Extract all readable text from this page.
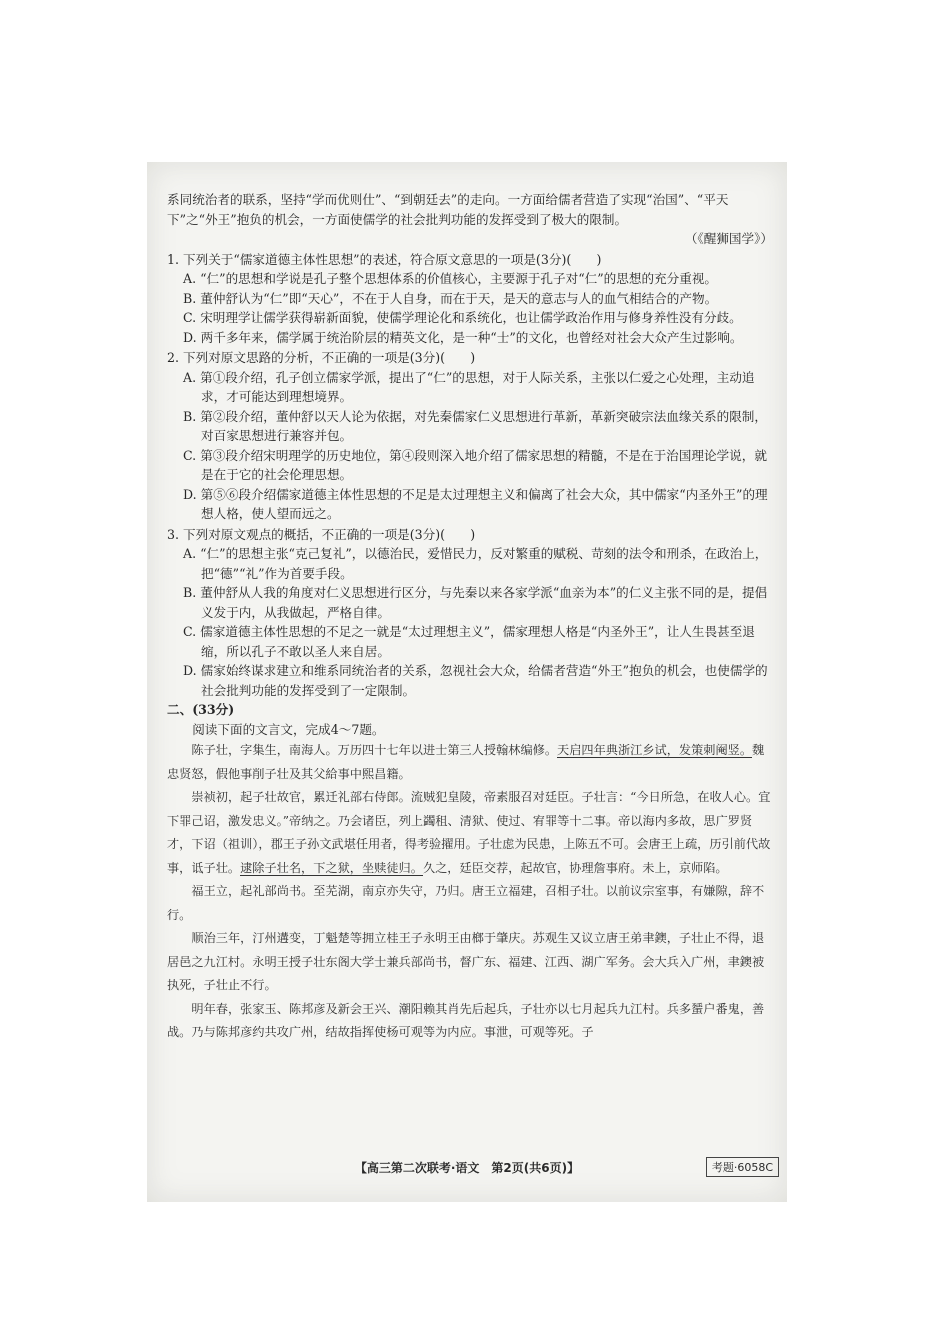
系同统治者的联系，坚持“学而优则仕”、“到朝廷去”的走向。一方面给儒者营造了实现“治国”、“平天下”之“外王”抱负的机会，一方面使儒学的社会批判功能的发挥受到了极大的限制。

（《醒狮国学》）

1. 下列关于“儒家道德主体性思想”的表述，符合原文意思的一项是(3分)(　　)

A. “仁”的思想和学说是孔子整个思想体系的价值核心，主要源于孔子对“仁”的思想的充分重视。

B. 董仲舒认为“仁”即“天心”，不在于人自身，而在于天，是天的意志与人的血气相结合的产物。

C. 宋明理学让儒学获得崭新面貌，使儒学理论化和系统化，也让儒学政治作用与修身养性没有分歧。

D. 两千多年来，儒学属于统治阶层的精英文化，是一种“士”的文化，也曾经对社会大众产生过影响。

2. 下列对原文思路的分析，不正确的一项是(3分)(　　)

A. 第①段介绍，孔子创立儒家学派，提出了“仁”的思想，对于人际关系，主张以仁爱之心处理，主动追求，才可能达到理想境界。

B. 第②段介绍，董仲舒以天人论为依据，对先秦儒家仁义思想进行革新，革新突破宗法血缘关系的限制，对百家思想进行兼容并包。

C. 第③段介绍宋明理学的历史地位，第④段则深入地介绍了儒家思想的精髓，不是在于治国理论学说，就是在于它的社会伦理思想。

D. 第⑤⑥段介绍儒家道德主体性思想的不足是太过理想主义和偏离了社会大众，其中儒家“内圣外王”的理想人格，使人望而远之。

3. 下列对原文观点的概括，不正确的一项是(3分)(　　)

A. “仁”的思想主张“克己复礼”，以德治民，爱惜民力，反对繁重的赋税、苛刻的法令和刑杀，在政治上，把“德”“礼”作为首要手段。

B. 董仲舒从人我的角度对仁义思想进行区分，与先秦以来各家学派“血亲为本”的仁义主张不同的是，提倡义发于内，从我做起，严格自律。

C. 儒家道德主体性思想的不足之一就是“太过理想主义”，儒家理想人格是“内圣外王”，让人生畏甚至退缩，所以孔子不敢以圣人来自居。

D. 儒家始终谋求建立和维系同统治者的关系，忽视社会大众，给儒者营造“外王”抱负的机会，也使儒学的社会批判功能的发挥受到了一定限制。

二、(33分)

阅读下面的文言文，完成4～7题。

陈子壮，字集生，南海人。万历四十七年以进士第三人授翰林编修。天启四年典浙江乡试，发策刺阉竖。魏忠贤怒，假他事削子壮及其父給事中熙昌籍。

崇祯初，起子壮故官，累迁礼部右侍郎。流贼犯皇陵，帝素服召对廷臣。子壮言：“今日所急，在收人心。宜下罪己诏，激发忠义。”帝纳之。乃会诸臣，列上蠲租、清狱、使过、宥罪等十二事。帝以海内多故，思广罗贤才，下诏（祖训），郡王子孙文武堪任用者，得考验擢用。子壮虑为民患，上陈五不可。会唐王上疏，历引前代故事，诋子壮。逮除子壮名，下之狱，坐赎徒归。久之，廷臣交荐，起故官，协理詹事府。未上，京师陷。

福王立，起礼部尚书。至芜湖，南京亦失守，乃归。唐王立福建，召相子壮。以前议宗室事，有嫌隙，辞不行。

顺治三年，汀州遘变，丁魁楚等拥立桂王子永明王由榔于肇庆。苏观生又议立唐王弟聿鐭，子壮止不得，退居邑之九江村。永明王授子壮东阁大学士兼兵部尚书，督广东、福建、江西、湖广军务。会大兵入广州，聿鐭被执死，子壮止不行。

明年春，张家玉、陈邦彦及新会王兴、潮阳赖其肖先后起兵，子壮亦以七月起兵九江村。兵多蜑户番鬼，善战。乃与陈邦彦约共攻广州，结故指挥使杨可观等为内应。事泄，可观等死。子

【高三第二次联考·语文　第2页(共6页)】	考题·6058C
